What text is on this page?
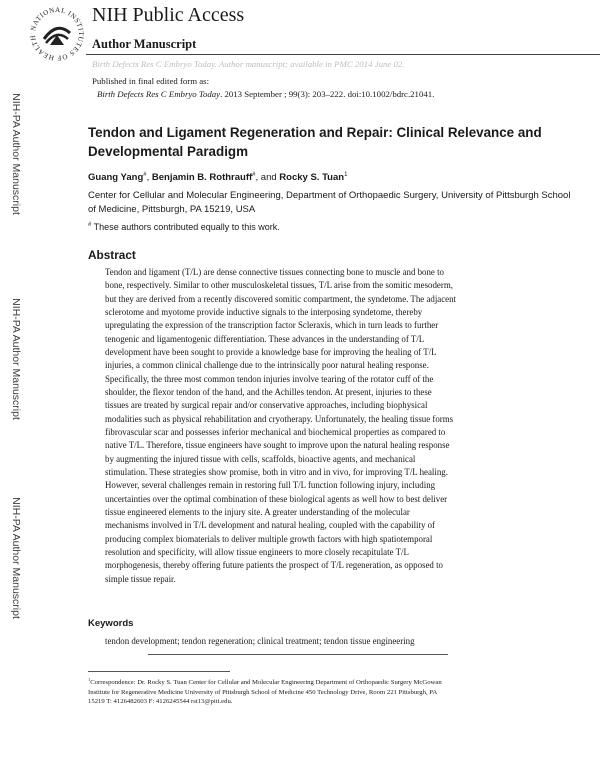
NATIONAL INSTITUTES OF HEALTH
NIH Public Access
Author Manuscript
Birth Defects Res C Embryo Today. Author manuscript; available in PMC 2014 June 02.
Published in final edited form as:
Birth Defects Res C Embryo Today. 2013 September ; 99(3): 203–222. doi:10.1002/bdrc.21041.
NIH-PA Author Manuscript
NIH-PA Author Manuscript
NIH-PA Author Manuscript
Tendon and Ligament Regeneration and Repair: Clinical Relevance and Developmental Paradigm
Guang Yang#, Benjamin B. Rothrauff#, and Rocky S. Tuan$^1$
Center for Cellular and Molecular Engineering, Department of Orthopaedic Surgery, University of Pittsburgh School of Medicine, Pittsburgh, PA 15219, USA
# These authors contributed equally to this work.
Abstract
Tendon and ligament (T/L) are dense connective tissues connecting bone to muscle and bone to
bone, respectively. Similar to other musculoskeletal tissues, T/L arise from the somitic mesoderm,
but they are derived from a recently discovered somitic compartment, the syndetome. The adjacent
sclerotome and myotome provide inductive signals to the interposing syndetome, thereby
upregulating the expression of the transcription factor Scleraxis, which in turn leads to further
tenogenic and ligamentogenic differentiation. These advances in the understanding of T/L
development have been sought to provide a knowledge base for improving the healing of T/L
injuries, a common clinical challenge due to the intrinsically poor natural healing response.
Specifically, the three most common tendon injuries involve tearing of the rotator cuff of the
shoulder, the flexor tendon of the hand, and the Achilles tendon. At present, injuries to these
tissues are treated by surgical repair and/or conservative approaches, including biophysical
modalities such as physical rehabilitation and cryotherapy. Unfortunately, the healing tissue forms
fibrovascular scar and possesses inferior mechanical and biochemical properties as compared to
native T/L. Therefore, tissue engineers have sought to improve upon the natural healing response
by augmenting the injured tissue with cells, scaffolds, bioactive agents, and mechanical
stimulation. These strategies show promise, both in vitro and in vivo, for improving T/L healing.
However, several challenges remain in restoring full T/L function following injury, including
uncertainties over the optimal combination of these biological agents as well how to best deliver
tissue engineered elements to the injury site. A greater understanding of the molecular
mechanisms involved in T/L development and natural healing, coupled with the capability of
producing complex biomaterials to deliver multiple growth factors with high spatiotemporal
resolution and specificity, will allow tissue engineers to more closely recapitulate T/L
morphogenesis, thereby offering future patients the prospect of T/L regeneration, as opposed to
simple tissue repair.
Keywords
tendon development; tendon regeneration; clinical treatment; tendon tissue engineering
$^1$Correspondence: Dr. Rocky S. Tuan Center for Cellular and Molecular Engineering Department of Orthopaedic Surgery McGowan
Institute for Regenerative Medicine University of Pittsburgh School of Medicine 450 Technology Drive, Room 221 Pittsburgh, PA
15219 T: 4126482603 F: 4126245544 rst13@pitt.edu.
